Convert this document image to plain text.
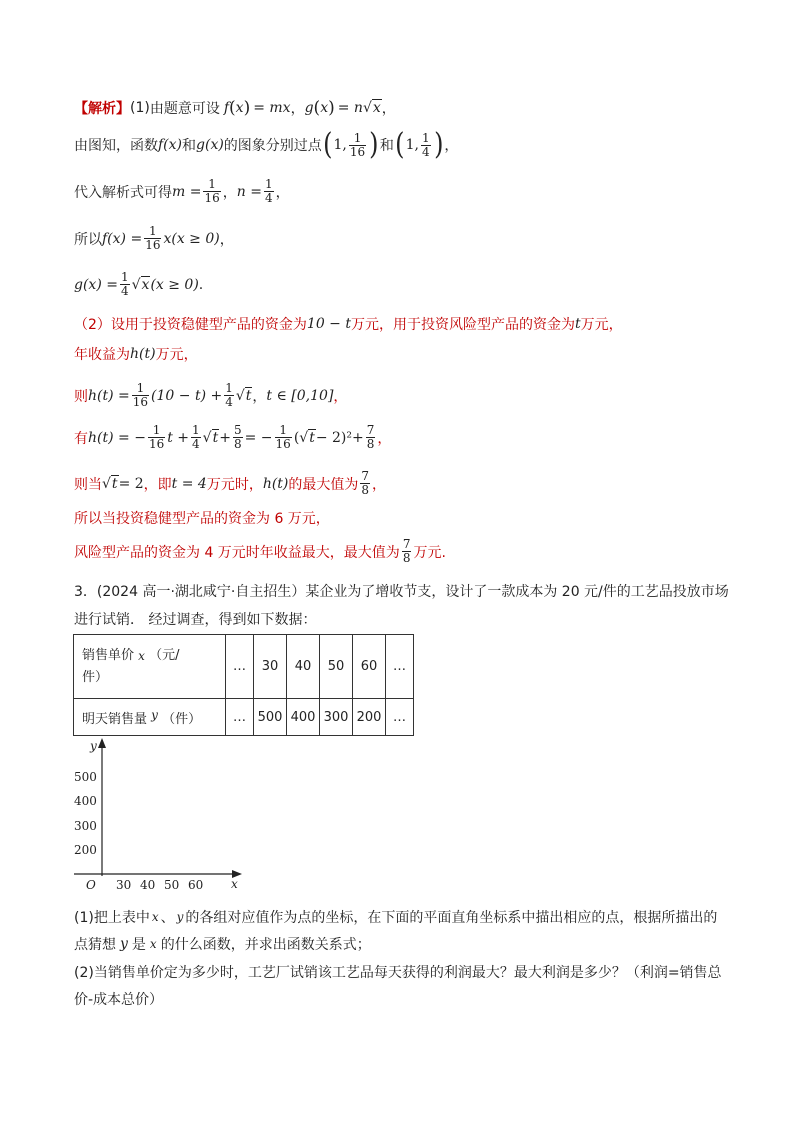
【解析】 (1) 由题意可设 f ( x ) = mx ， g ( x ) = n √x ，
由图知，函数 f(x) 和 g(x) 的图象分别过点 ( 1, $\frac{1}{16}$ ) 和 ( 1, $\frac{1}{4}$ ) ，
代入解析式可得 $m = \frac{1}{16}$ ， $n = \frac{1}{4}$ ，
所以 $f(x) = \frac{1}{16} x(x \ge 0)$ ，
$g(x) = \frac{1}{4} √x$ (x ≥ 0) .
（2） 设用于投资稳健型产品的资金为 10 − t 万元，用于投资风险型产品的资金为 t 万元，
年收益为 h(t) 万元，
则 $h(t) = \frac{1}{16} (10 - t) + \frac{1}{4} √t$ ， t ∈ [0,10] ，
有 h(t) = − $\frac{1}{16}$ $t + \frac{1}{4} √t + \frac{5}{8}$ = − $\frac{1}{16}$ ( $√t - 2)^2 + \frac{7}{8}$ ，
则当 √t = 2 ，即 t = 4 万元时， h(t) 的最大值为 $\frac{7}{8}$ ，
所以当投资稳健型产品的资金为 6 万元，
风险型产品的资金为 4 万元时年收益最大，最大值为 $\frac{7}{8}$ 万元.
3．(2024 高一·湖北咸宁·自主招生）某企业为了增收节支，设计了一款成本为 20 元/件的工艺品投放市场
进行试销． 经过调查，得到如下数据：
销售单价 x （元/
件）	…	30	40	50	60	…
明天销售量 y （件）	…	500	400	300	200	…
y
x
O
500
400
300
200
30 40 50 60
(1)把上表中 x 、 y 的各组对应值作为点的坐标，在下面的平面直角坐标系中描出相应的点，根据所描出的
点猜想 y 是 x 的什么函数，并求出函数关系式；
(2)当销售单价定为多少时，工艺厂试销该工艺品每天获得的利润最大？最大利润是多少？（利润=销售总
价-成本总价）
